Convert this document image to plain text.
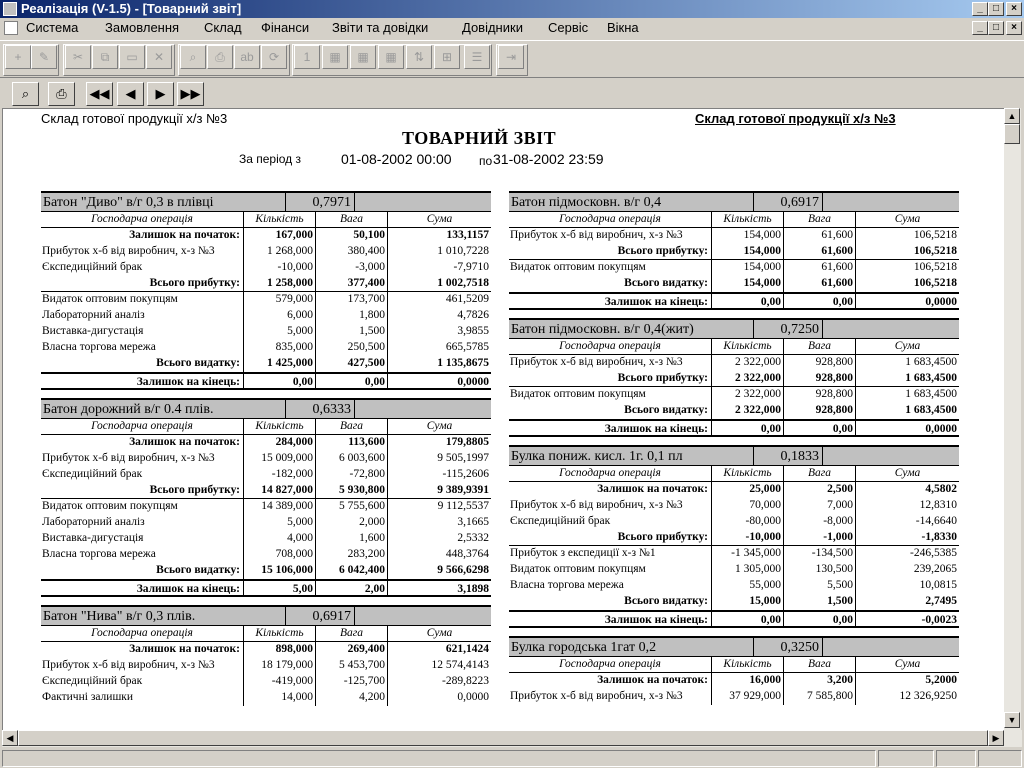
Реалізація (V-1.5) - [Товарний звіт]	_	□	×
Система Замовлення Склад Фінанси Звіти та довідки	Довідники Сервіс Вікна	_	□	×
+	✎	✂	⧉	▭	✕	⌕	⎙	ab	⟳	1	▦	▦	▦	⇅	⊞	☰	⇥
⌕	⎙	◀◀	◀	▶	▶▶
Склад готової продукції х/з №3	Склад готової продукції х/з №3
ТОВАРНИЙ ЗВІТ
За період з	01-08-2002 00:00 по 31-08-2002 23:59
Батон "Диво" в/г 0,3 в плівці	0,7971
Господарча операція	Кількість	Вага	Сума
Залишок на початок:	167,000	50,100	133,1157
Прибуток х-б від виробнич, х-з №3	1 268,000	380,400	1 010,7228
Єкспедиційний брак	-10,000	-3,000	-7,9710
Всього прибутку:	1 258,000	377,400	1 002,7518
Видаток оптовим покупцям	579,000	173,700	461,5209
Лабораторний аналіз	6,000	1,800	4,7826
Виставка-дигустація	5,000	1,500	3,9855
Власна торгова мережа	835,000	250,500	665,5785
Всього видатку:	1 425,000	427,500	1 135,8675
Залишок на кінець:	0,00	0,00	0,0000
Батон дорожний в/г 0.4 плів.	0,6333
Господарча операція	Кількість	Вага	Сума
Залишок на початок:	284,000	113,600	179,8805
Прибуток х-б від виробнич, х-з №3	15 009,000	6 003,600	9 505,1997
Єкспедиційний брак	-182,000	-72,800	-115,2606
Всього прибутку:	14 827,000	5 930,800	9 389,9391
Видаток оптовим покупцям	14 389,000	5 755,600	9 112,5537
Лабораторний аналіз	5,000	2,000	3,1665
Виставка-дигустація	4,000	1,600	2,5332
Власна торгова мережа	708,000	283,200	448,3764
Всього видатку:	15 106,000	6 042,400	9 566,6298
Залишок на кінець:	5,00	2,00	3,1898
Батон "Нива" в/г 0,3 плів.	0,6917
Господарча операція	Кількість	Вага	Сума
Залишок на початок:	898,000	269,400	621,1424
Прибуток х-б від виробнич, х-з №3	18 179,000	5 453,700	12 574,4143
Єкспедиційний брак	-419,000	-125,700	-289,8223
Фактичні залишки	14,000	4,200	0,0000
Батон підмосковн. в/г 0,4	0,6917
Господарча операція	Кількість	Вага	Сума
Прибуток х-б від виробнич, х-з №3	154,000	61,600	106,5218
Всього прибутку:	154,000	61,600	106,5218
Видаток оптовим покупцям	154,000	61,600	106,5218
Всього видатку:	154,000	61,600	106,5218
Залишок на кінець:	0,00	0,00	0,0000
Батон підмосковн. в/г 0,4(жит)	0,7250
Господарча операція	Кількість	Вага	Сума
Прибуток х-б від виробнич, х-з №3	2 322,000	928,800	1 683,4500
Всього прибутку:	2 322,000	928,800	1 683,4500
Видаток оптовим покупцям	2 322,000	928,800	1 683,4500
Всього видатку:	2 322,000	928,800	1 683,4500
Залишок на кінець:	0,00	0,00	0,0000
Булка пониж. кисл. 1г. 0,1 пл	0,1833
Господарча операція	Кількість	Вага	Сума
Залишок на початок:	25,000	2,500	4,5802
Прибуток х-б від виробнич, х-з №3	70,000	7,000	12,8310
Єкспедиційний брак	-80,000	-8,000	-14,6640
Всього прибутку:	-10,000	-1,000	-1,8330
Прибуток з експедиції х-з №1	-1 345,000	-134,500	-246,5385
Видаток оптовим покупцям	1 305,000	130,500	239,2065
Власна торгова мережа	55,000	5,500	10,0815
Всього видатку:	15,000	1,500	2,7495
Залишок на кінець:	0,00	0,00	-0,0023
Булка городська 1гат 0,2	0,3250
Господарча операція	Кількість	Вага	Сума
Залишок на початок:	16,000	3,200	5,2000
Прибуток х-б від виробнич, х-з №3	37 929,000	7 585,800	12 326,9250
▲
▼
◀	▶
